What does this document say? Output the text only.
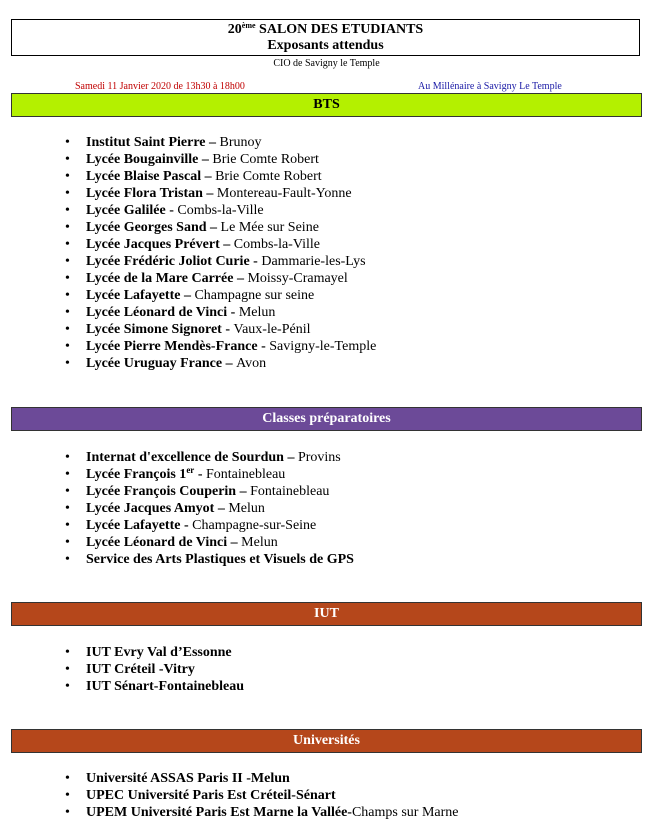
20ème SALON DES ETUDIANTS
Exposants attendus
CIO de Savigny le Temple
Samedi 11 Janvier 2020 de 13h30 à 18h00	Au Millénaire à Savigny Le Temple
BTS
• Institut Saint Pierre – Brunoy
• Lycée Bougainville – Brie Comte Robert
• Lycée Blaise Pascal – Brie Comte Robert
• Lycée Flora Tristan – Montereau-Fault-Yonne
• Lycée Galilée - Combs-la-Ville
• Lycée Georges Sand – Le Mée sur Seine
• Lycée Jacques Prévert – Combs-la-Ville
• Lycée Frédéric Joliot Curie - Dammarie-les-Lys
• Lycée de la Mare Carrée – Moissy-Cramayel
• Lycée Lafayette – Champagne sur seine
• Lycée Léonard de Vinci - Melun
• Lycée Simone Signoret - Vaux-le-Pénil
• Lycée Pierre Mendès-France - Savigny-le-Temple
• Lycée Uruguay France – Avon
Classes préparatoires
• Internat d'excellence de Sourdun – Provins
• Lycée François 1er - Fontainebleau
• Lycée François Couperin – Fontainebleau
• Lycée Jacques Amyot – Melun
• Lycée Lafayette - Champagne-sur-Seine
• Lycée Léonard de Vinci – Melun
• Service des Arts Plastiques et Visuels de GPS
IUT
• IUT Evry Val d’Essonne
• IUT Créteil -Vitry
• IUT Sénart-Fontainebleau
Universités
• Université ASSAS Paris II -Melun
• UPEC Université Paris Est Créteil-Sénart
• UPEM Université Paris Est Marne la Vallée-Champs sur Marne
